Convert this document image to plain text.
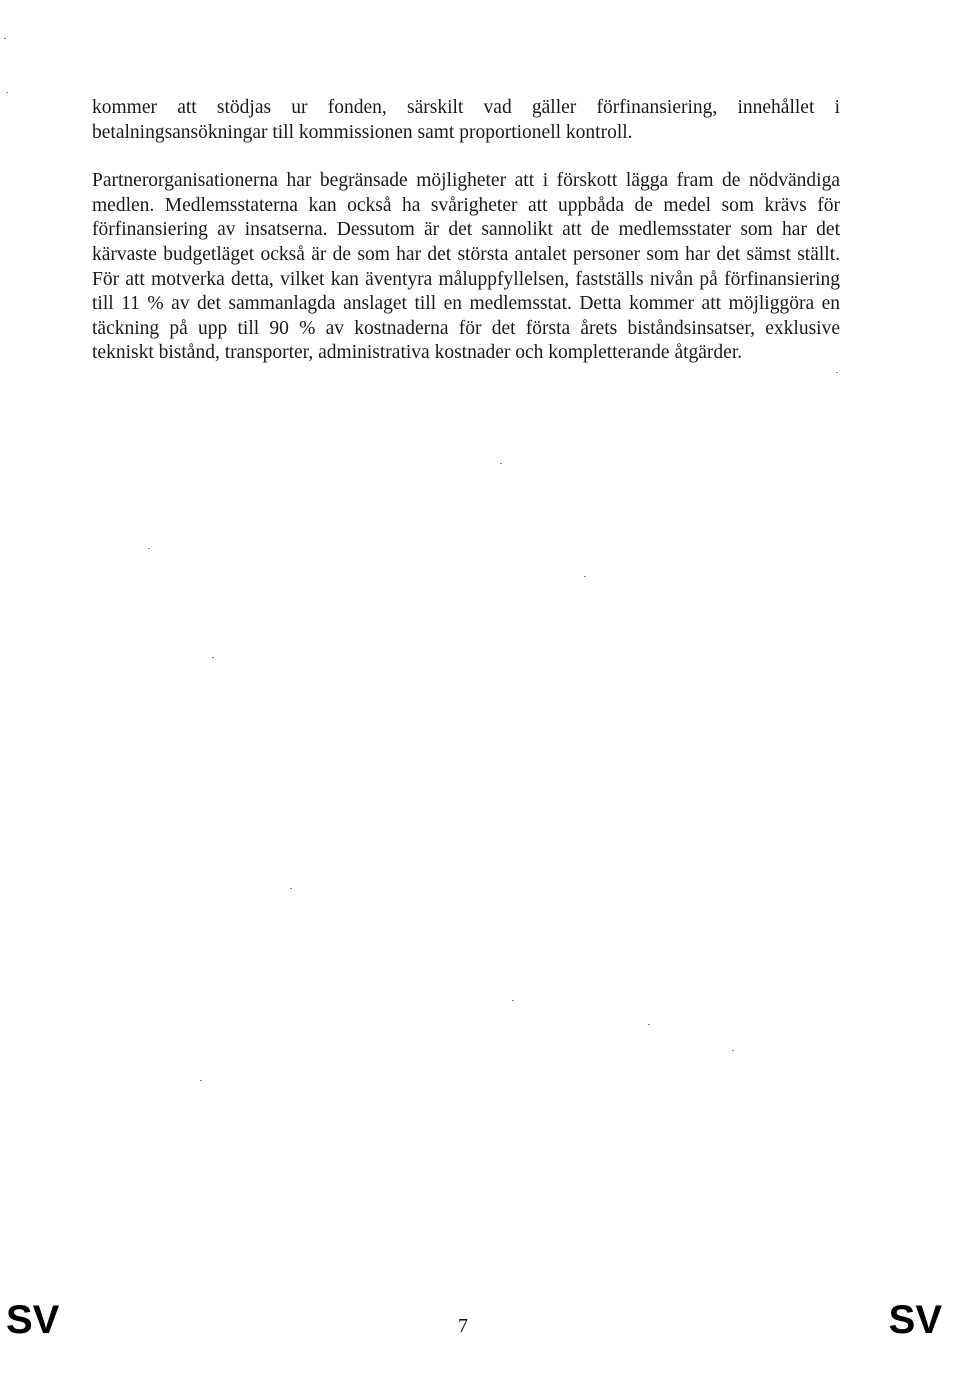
kommer att stödjas ur fonden, särskilt vad gäller förfinansiering, innehållet i
betalningsansökningar till kommissionen samt proportionell kontroll.

Partnerorganisationerna har begränsade möjligheter att i förskott lägga fram de nödvändiga
medlen. Medlemsstaterna kan också ha svårigheter att uppbåda de medel som krävs för
förfinansiering av insatserna. Dessutom är det sannolikt att de medlemsstater som har det
kärvaste budgetläget också är de som har det största antalet personer som har det sämst ställt.
För att motverka detta, vilket kan äventyra måluppfyllelsen, fastställs nivån på förfinansiering
till 11 % av det sammanlagda anslaget till en medlemsstat. Detta kommer att möjliggöra en
täckning på upp till 90 % av kostnaderna för det första årets biståndsinsatser, exklusive
tekniskt bistånd, transporter, administrativa kostnader och kompletterande åtgärder.

SV	7	SV
